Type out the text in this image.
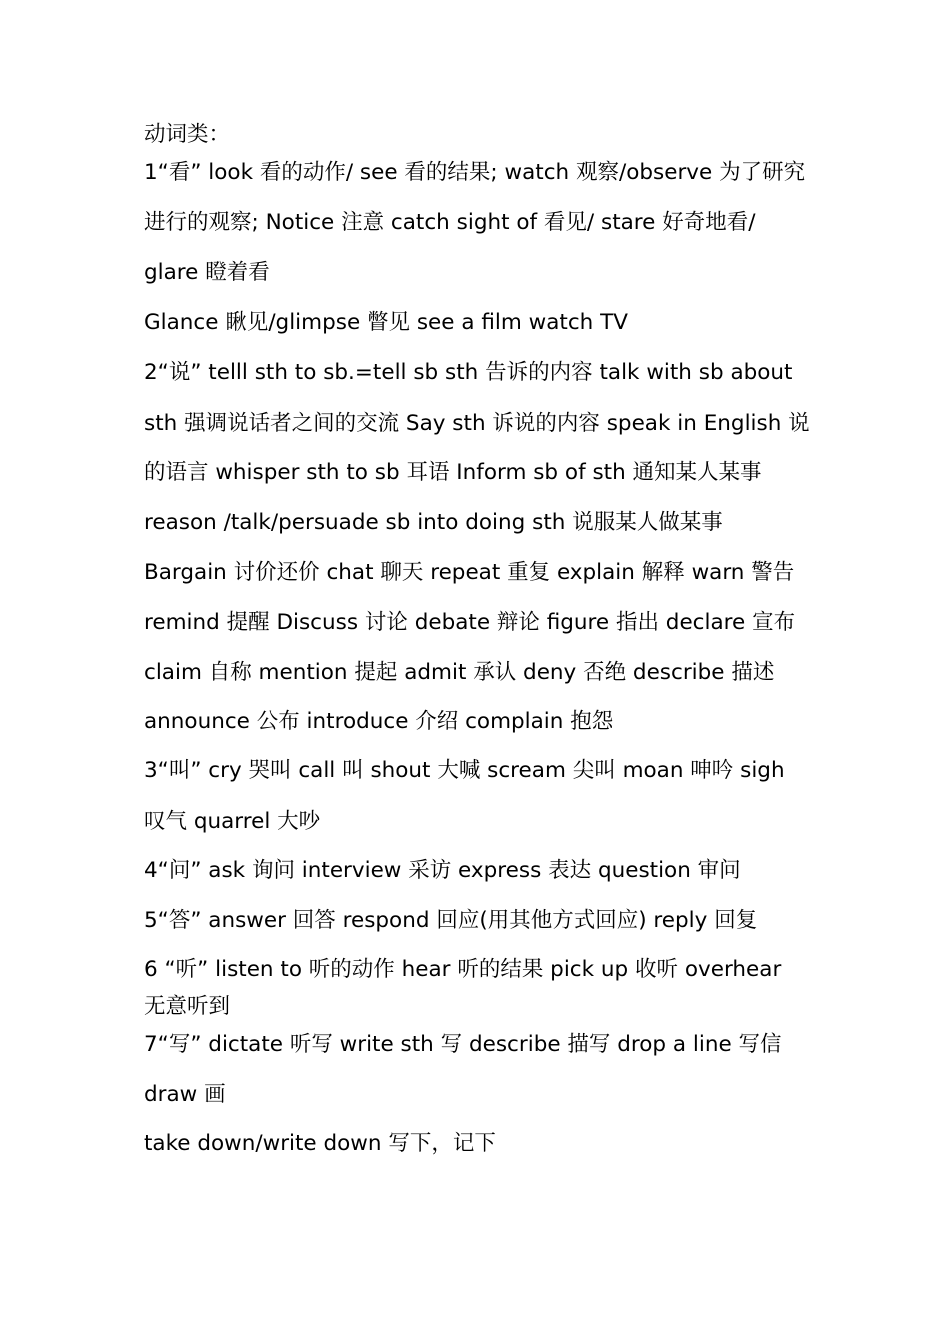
动词类：
1“看” look 看的动作/ see 看的结果; watch 观察/observe 为了研究
进行的观察; Notice 注意 catch sight of 看见/ stare 好奇地看/
glare 瞪着看
Glance 瞅见/glimpse 瞥见 see a film watch TV
2“说” telll sth to sb.=tell sb sth 告诉的内容 talk with sb about
sth 强调说话者之间的交流 Say sth 诉说的内容 speak in English 说
的语言 whisper sth to sb 耳语 Inform sb of sth 通知某人某事
reason /talk/persuade sb into doing sth 说服某人做某事
Bargain 讨价还价 chat 聊天 repeat 重复 explain 解释 warn 警告
remind 提醒 Discuss 讨论 debate 辩论 figure 指出 declare 宣布
claim 自称 mention 提起 admit 承认 deny 否绝 describe 描述
announce 公布 introduce 介绍 complain 抱怨
3“叫” cry 哭叫 call 叫 shout 大喊 scream 尖叫 moan 呻吟 sigh
叹气 quarrel 大吵
4“问” ask 询问 interview 采访 express 表达 question 审问
5“答” answer 回答 respond 回应(用其他方式回应) reply 回复
6 “听” listen to 听的动作 hear 听的结果 pick up 收听 overhear
无意听到
7“写” dictate 听写 write sth 写 describe 描写 drop a line 写信
draw 画
take down/write down 写下，记下
